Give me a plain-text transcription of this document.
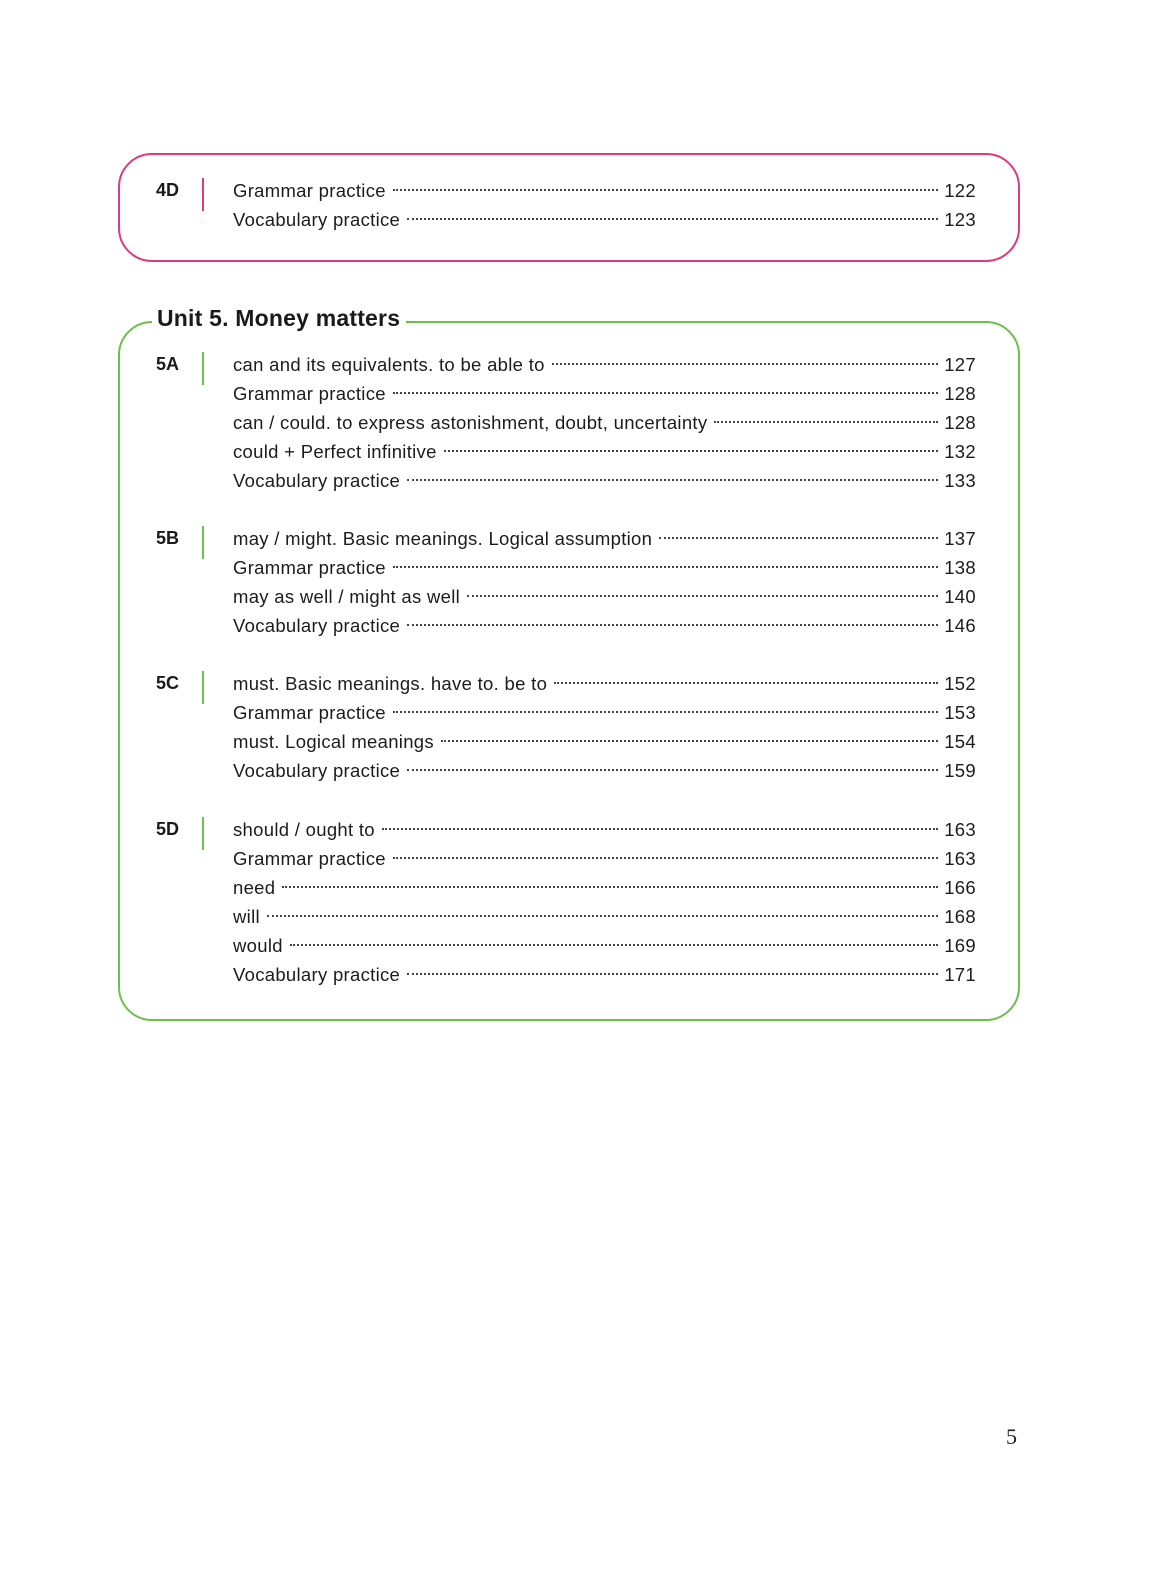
4D	Grammar practice	122
Vocabulary practice	123
Unit 5. Money matters
5A	can and its equivalents. to be able to	127
Grammar practice	128
can / could. to express astonishment, doubt, uncertainty	128
could + Perfect infinitive	132
Vocabulary practice	133
5B	may / might. Basic meanings. Logical assumption	137
Grammar practice	138
may as well / might as well	140
Vocabulary practice	146
5C	must. Basic meanings. have to. be to	152
Grammar practice	153
must. Logical meanings	154
Vocabulary practice	159
5D	should / ought to	163
Grammar practice	163
need	166
will	168
would	169
Vocabulary practice	171
5
